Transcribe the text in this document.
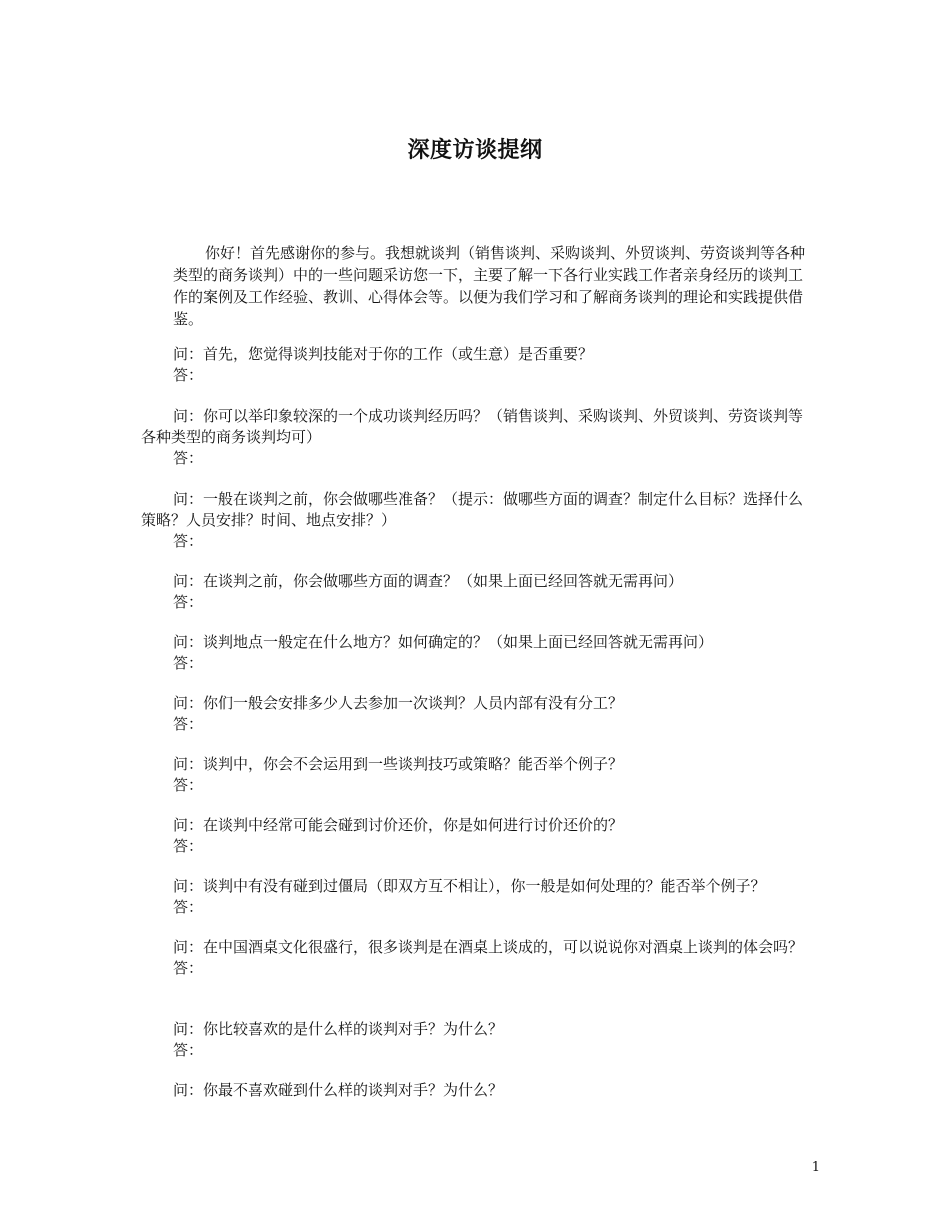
深度访谈提纲

你好！首先感谢你的参与。我想就谈判（销售谈判、采购谈判、外贸谈判、劳资谈判等各种类型的商务谈判）中的一些问题采访您一下，主要了解一下各行业实践工作者亲身经历的谈判工作的案例及工作经验、教训、心得体会等。以便为我们学习和了解商务谈判的理论和实践提供借鉴。

问：首先，您觉得谈判技能对于你的工作（或生意）是否重要？

答：

问：你可以举印象较深的一个成功谈判经历吗？（销售谈判、采购谈判、外贸谈判、劳资谈判等各种类型的商务谈判均可）

答：

问：一般在谈判之前，你会做哪些准备？（提示：做哪些方面的调查？制定什么目标？选择什么策略？人员安排？时间、地点安排？）

答：

问：在谈判之前，你会做哪些方面的调查？（如果上面已经回答就无需再问）

答：

问：谈判地点一般定在什么地方？如何确定的？（如果上面已经回答就无需再问）

答：

问：你们一般会安排多少人去参加一次谈判？人员内部有没有分工？

答：

问：谈判中，你会不会运用到一些谈判技巧或策略？能否举个例子？

答：

问：在谈判中经常可能会碰到讨价还价，你是如何进行讨价还价的？

答：

问：谈判中有没有碰到过僵局（即双方互不相让），你一般是如何处理的？能否举个例子？

答：

问：在中国酒桌文化很盛行，很多谈判是在酒桌上谈成的，可以说说你对酒桌上谈判的体会吗？

答：

问：你比较喜欢的是什么样的谈判对手？为什么？

答：

问：你最不喜欢碰到什么样的谈判对手？为什么？

1
